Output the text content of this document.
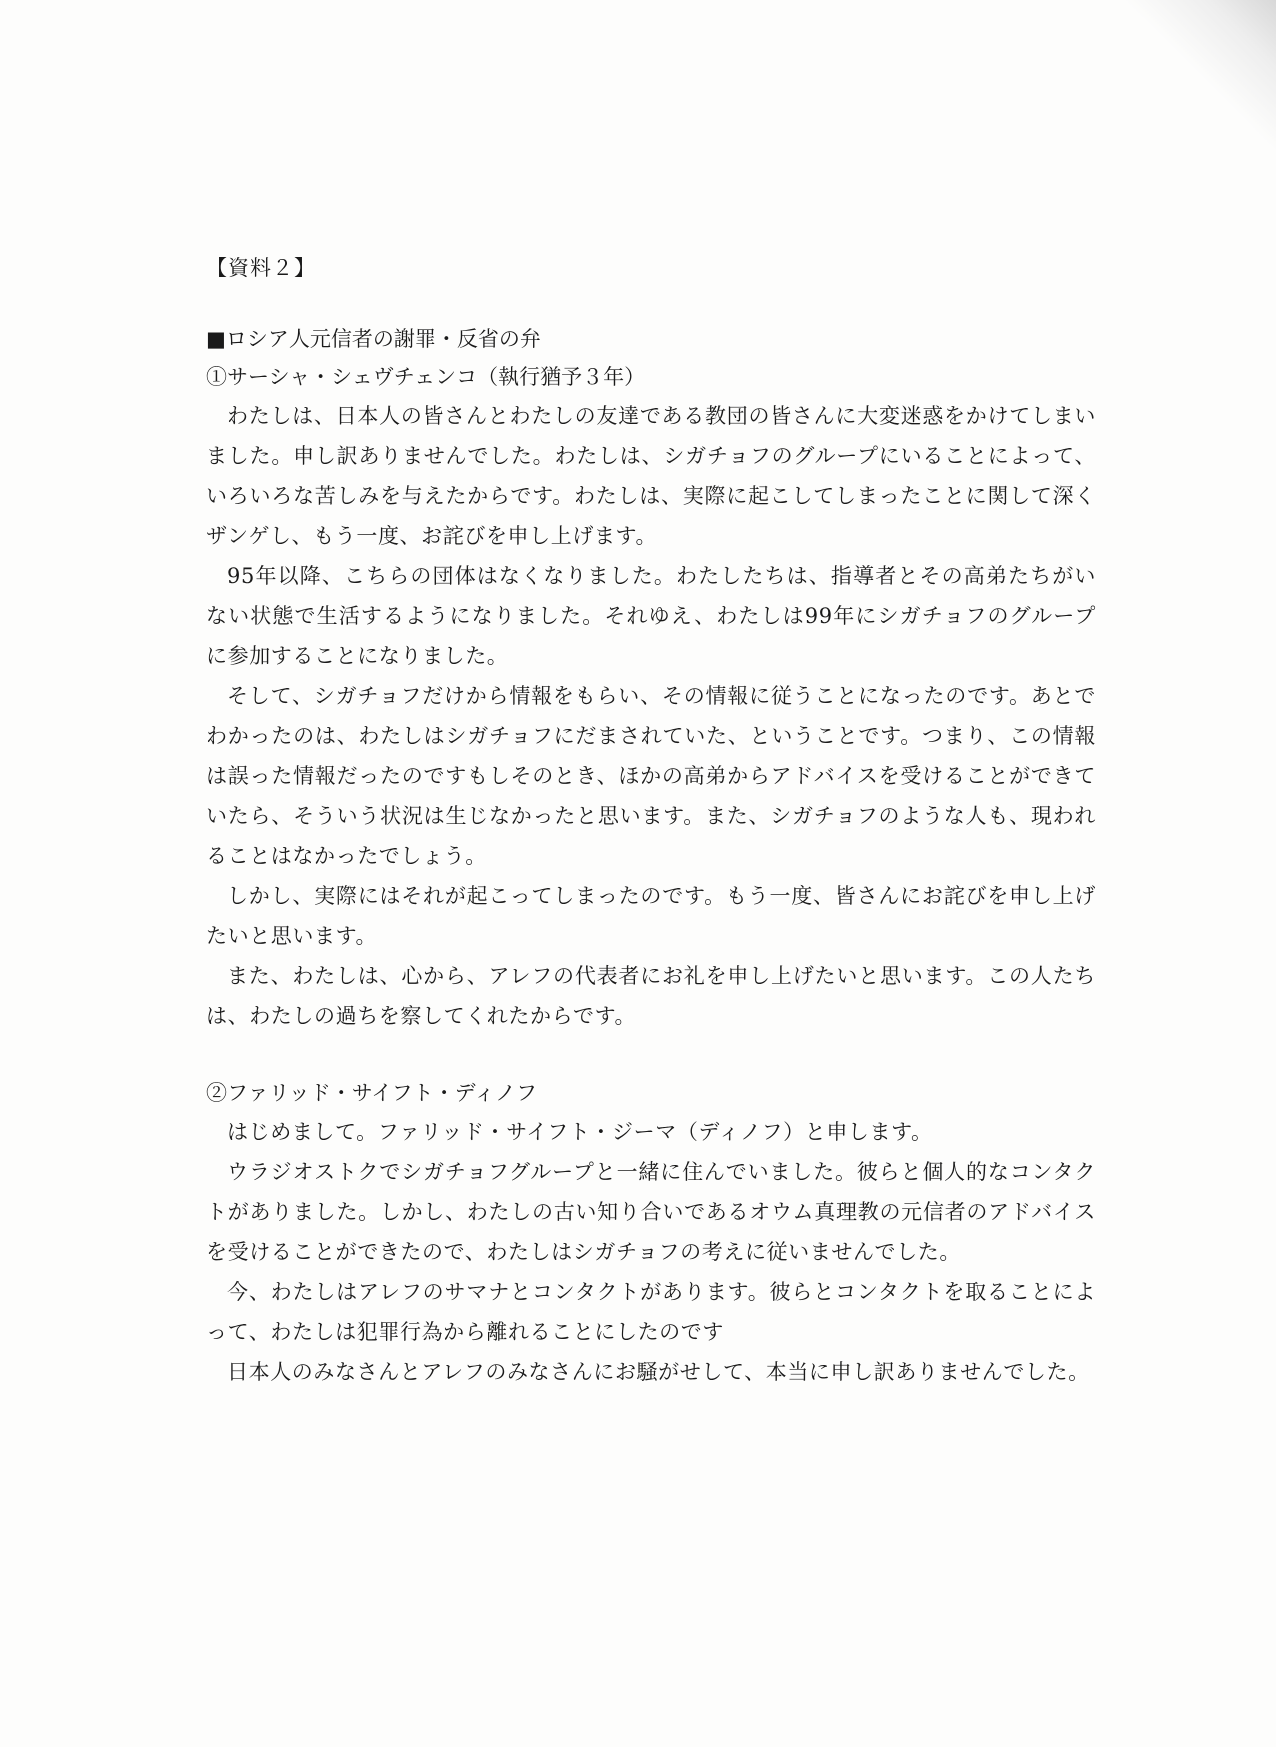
【資料２】

■ロシア人元信者の謝罪・反省の弁

①サーシャ・シェヴチェンコ（執行猶予３年）

わたしは、日本人の皆さんとわたしの友達である教団の皆さんに大変迷惑をかけてしまいました。申し訳ありませんでした。わたしは、シガチョフのグループにいることによって、いろいろな苦しみを与えたからです。わたしは、実際に起こしてしまったことに関して深くザンゲし、もう一度、お詫びを申し上げます。

95年以降、こちらの団体はなくなりました。わたしたちは、指導者とその高弟たちがいない状態で生活するようになりました。それゆえ、わたしは99年にシガチョフのグループに参加することになりました。

そして、シガチョフだけから情報をもらい、その情報に従うことになったのです。あとでわかったのは、わたしはシガチョフにだまされていた、ということです。つまり、この情報は誤った情報だったのですもしそのとき、ほかの高弟からアドバイスを受けることができていたら、そういう状況は生じなかったと思います。また、シガチョフのような人も、現われることはなかったでしょう。

しかし、実際にはそれが起こってしまったのです。もう一度、皆さんにお詫びを申し上げたいと思います。

また、わたしは、心から、アレフの代表者にお礼を申し上げたいと思います。この人たちは、わたしの過ちを察してくれたからです。

②ファリッド・サイフト・ディノフ

はじめまして。ファリッド・サイフト・ジーマ（ディノフ）と申します。

ウラジオストクでシガチョフグループと一緒に住んでいました。彼らと個人的なコンタクトがありました。しかし、わたしの古い知り合いであるオウム真理教の元信者のアドバイスを受けることができたので、わたしはシガチョフの考えに従いませんでした。

今、わたしはアレフのサマナとコンタクトがあります。彼らとコンタクトを取ることによって、わたしは犯罪行為から離れることにしたのです

日本人のみなさんとアレフのみなさんにお騒がせして、本当に申し訳ありませんでした。
